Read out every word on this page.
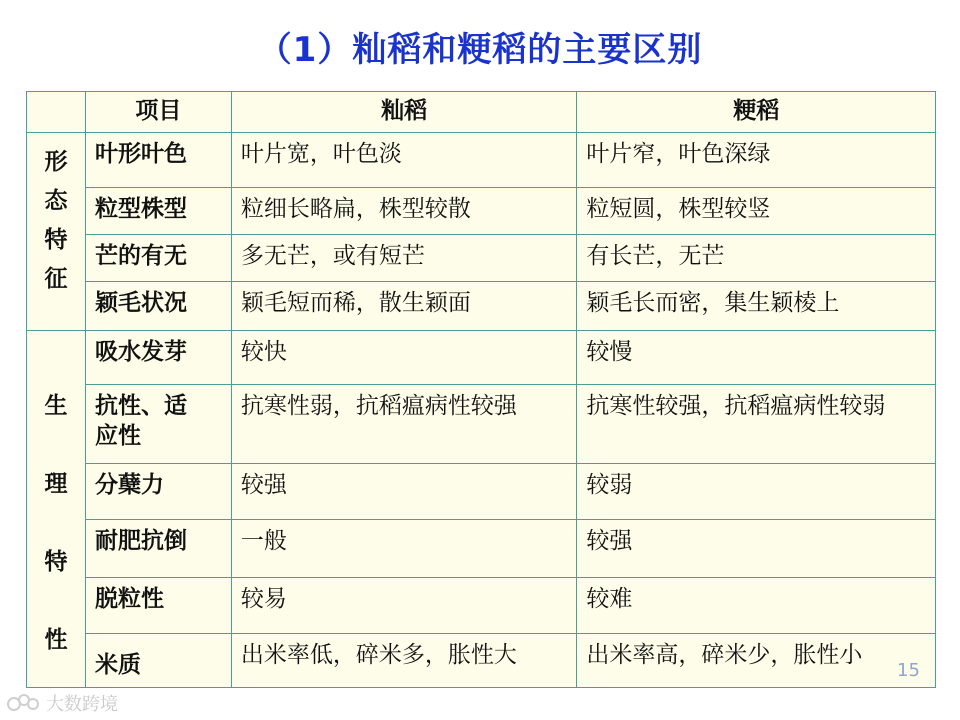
（1）籼稻和粳稻的主要区别
	项目	籼稻	粳稻

形态特征	叶形叶色	叶片宽，叶色淡	叶片窄，叶色深绿
	粒型株型	粒细长略扁，株型较散	粒短圆，株型较竖
	芒的有无	多无芒，或有短芒	有长芒，无芒
	颖毛状况	颖毛短而稀，散生颖面	颖毛长而密，集生颖棱上

生理特性	吸水发芽	较快	较慢
	抗性、适应性	抗寒性弱，抗稻瘟病性较强	抗寒性较强，抗稻瘟病性较弱
	分蘖力	较强	较弱
	耐肥抗倒	一般	较强
	脱粒性	较易	较难
	米质	出米率低，碎米多，胀性大	出米率高，碎米少，胀性小
15
大数跨境
